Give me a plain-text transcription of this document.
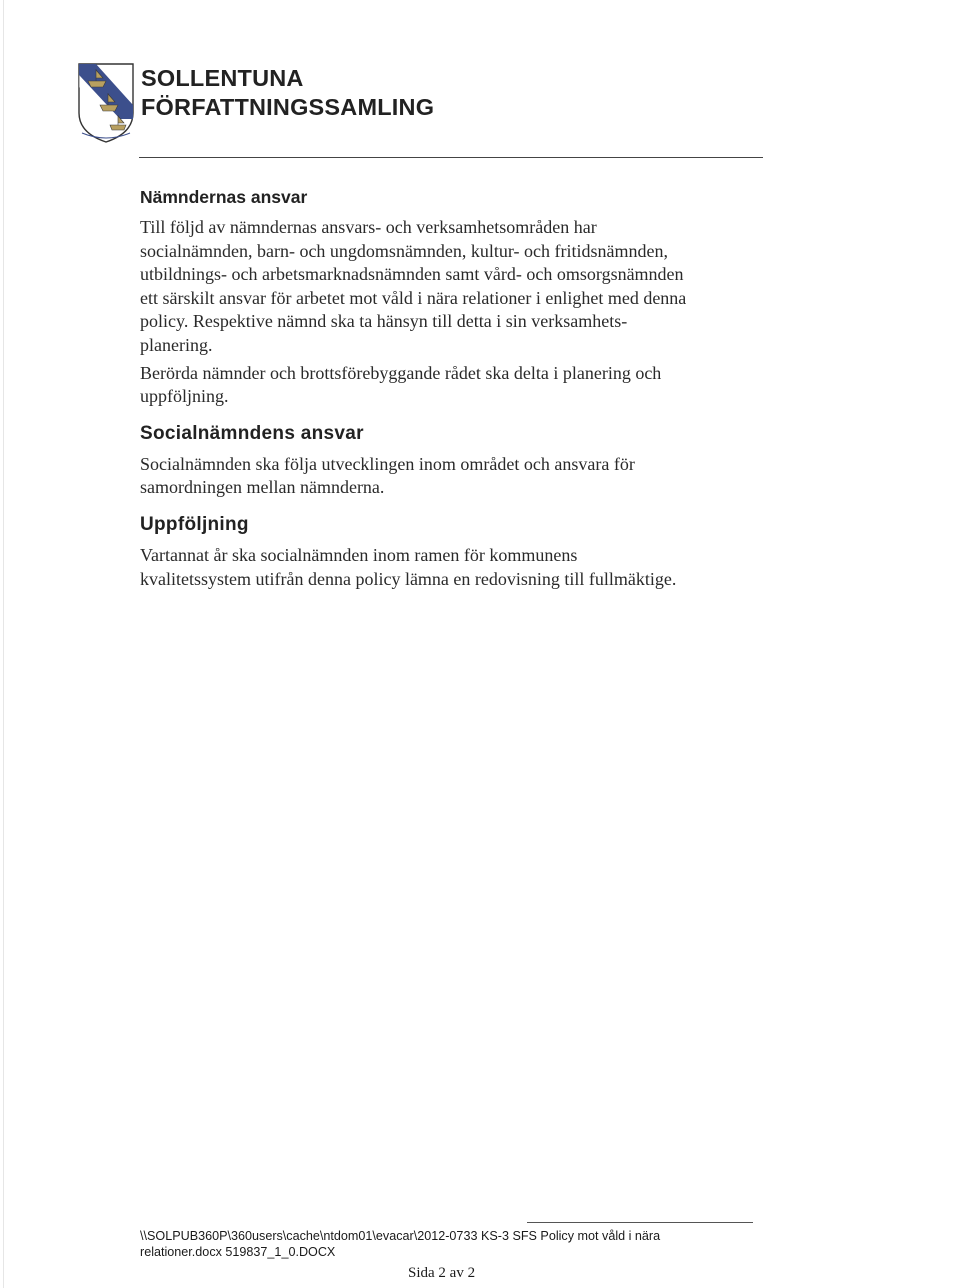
SOLLENTUNA
FÖRFATTNINGSSAMLING
Nämndernas ansvar

Till följd av nämndernas ansvars- och verksamhetsområden har
socialnämnden, barn- och ungdomsnämnden, kultur- och fritidsnämnden,
utbildnings- och arbetsmarknadsnämnden samt vård- och omsorgsnämnden
ett särskilt ansvar för arbetet mot våld i nära relationer i enlighet med denna
policy. Respektive nämnd ska ta hänsyn till detta i sin verksamhets-
planering.

Berörda nämnder och brottsförebyggande rådet ska delta i planering och
uppföljning.

Socialnämndens ansvar

Socialnämnden ska följa utvecklingen inom området och ansvara för
samordningen mellan nämnderna.

Uppföljning

Vartannat år ska socialnämnden inom ramen för kommunens
kvalitetssystem utifrån denna policy lämna en redovisning till fullmäktige.

\\SOLPUB360P\360users\cache\ntdom01\evacar\2012-0733 KS-3 SFS Policy mot våld i nära
relationer.docx 519837_1_0.DOCX
Sida 2 av 2
